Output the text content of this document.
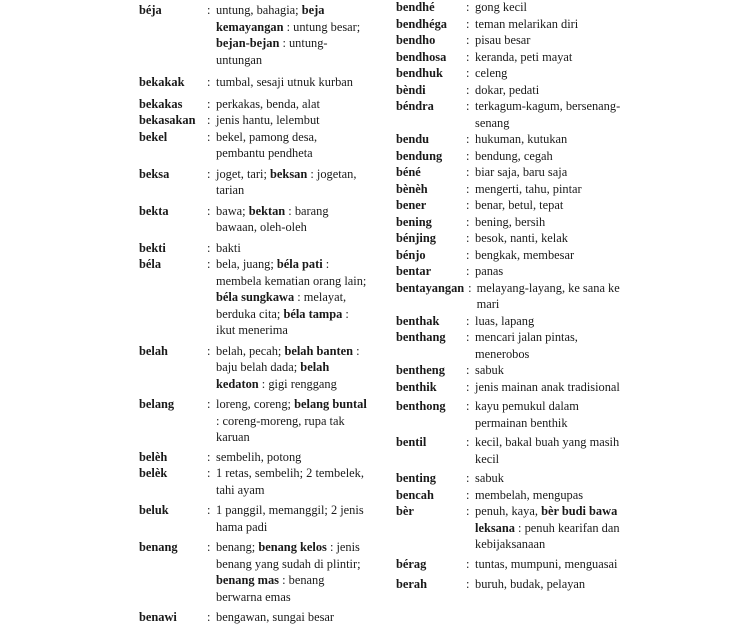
béja	: untung, bahagia; beja kemayangan : untung besar; bejan-bejan : untung-untungan
bekakak	: tumbal, sesaji utnuk kurban
bekakas	: perkakas, benda, alat
bekasakan : jenis hantu, lelembut
bekel	: bekel, pamong desa, pembantu pendheta
beksa	: joget, tari; beksan : jogetan, tarian
bekta	: bawa; bektan : barang bawaan, oleh-oleh
bekti	: bakti
béla	: bela, juang; béla pati : membela kematian orang lain; béla sungkawa : melayat, berduka cita; béla tampa : ikut menerima
belah	: belah, pecah; belah banten : baju belah dada; belah kedaton : gigi renggang
belang	: loreng, coreng; belang buntal : coreng-moreng, rupa tak karuan
belèh	: sembelih, potong
belèk	: 1 retas, sembelih; 2 tembelek, tahi ayam
beluk	: 1 panggil, memanggil; 2 jenis hama padi
benang	: benang; benang kelos : jenis benang yang sudah di plintir; benang mas : benang berwarna emas
benawi	: bengawan, sungai besar
bendhé	: gong kecil
bendhéga	: teman melarikan diri
bendho	: pisau besar
bendhosa	: keranda, peti mayat
bendhuk	: celeng
bèndi	: dokar, pedati
béndra	: terkagum-kagum, bersenang-senang
bendu	: hukuman, kutukan
bendung	: bendung, cegah
béné	: biar saja, baru saja
bènèh	: mengerti, tahu, pintar
bener	: benar, betul, tepat
bening	: bening, bersih
bénjing	: besok, nanti, kelak
bénjo	: bengkak, membesar
bentar	: panas
bentayangan : melayang-layang, ke sana ke mari
benthak	: luas, lapang
benthang	: mencari jalan pintas, menerobos
bentheng	: sabuk
benthik	: jenis mainan anak tradisional
benthong	: kayu pemukul dalam permainan benthik
bentil	: kecil, bakal buah yang masih kecil
benting	: sabuk
bencah	: membelah, mengupas
bèr	: penuh, kaya, bèr budi bawa leksana : penuh kearifan dan kebijaksanaan
bérag	: tuntas, mumpuni, menguasai
berah	: buruh, budak, pelayan
